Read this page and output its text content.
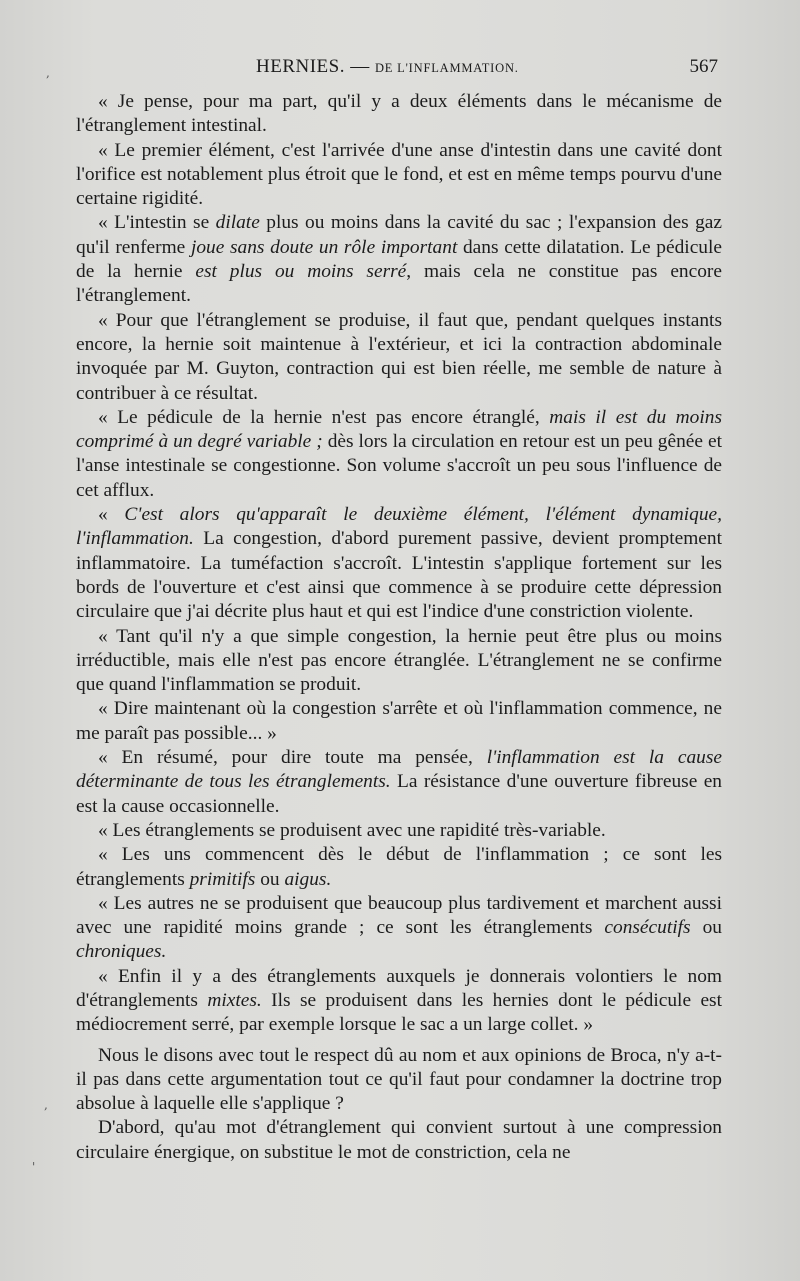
HERNIES. — DE L'INFLAMMATION.	567
,
,
'

« Je pense, pour ma part, qu'il y a deux éléments dans le mécanisme de l'étranglement intestinal.

« Le premier élément, c'est l'arrivée d'une anse d'intestin dans une cavité dont l'orifice est notablement plus étroit que le fond, et est en même temps pourvu d'une certaine rigidité.

« L'intestin se dilate plus ou moins dans la cavité du sac ; l'expansion des gaz qu'il renferme joue sans doute un rôle important dans cette dilatation. Le pédicule de la hernie est plus ou moins serré, mais cela ne constitue pas encore l'étranglement.

« Pour que l'étranglement se produise, il faut que, pendant quelques instants encore, la hernie soit maintenue à l'extérieur, et ici la contraction abdominale invoquée par M. Guyton, contraction qui est bien réelle, me semble de nature à contribuer à ce résultat.

« Le pédicule de la hernie n'est pas encore étranglé, mais il est du moins comprimé à un degré variable ; dès lors la circulation en retour est un peu gênée et l'anse intestinale se congestionne. Son volume s'accroît un peu sous l'influence de cet afflux.

« C'est alors qu'apparaît le deuxième élément, l'élément dynamique, l'inflammation. La congestion, d'abord purement passive, devient promptement inflammatoire. La tuméfaction s'accroît. L'intestin s'applique fortement sur les bords de l'ouverture et c'est ainsi que commence à se produire cette dépression circulaire que j'ai décrite plus haut et qui est l'indice d'une constriction violente.

« Tant qu'il n'y a que simple congestion, la hernie peut être plus ou moins irréductible, mais elle n'est pas encore étranglée. L'étranglement ne se confirme que quand l'inflammation se produit.

« Dire maintenant où la congestion s'arrête et où l'inflammation commence, ne me paraît pas possible... »

« En résumé, pour dire toute ma pensée, l'inflammation est la cause déterminante de tous les étranglements. La résistance d'une ouverture fibreuse en est la cause occasionnelle.

« Les étranglements se produisent avec une rapidité très-variable.

« Les uns commencent dès le début de l'inflammation ; ce sont les étranglements primitifs ou aigus.

« Les autres ne se produisent que beaucoup plus tardivement et marchent aussi avec une rapidité moins grande ; ce sont les étranglements consécutifs ou chroniques.

« Enfin il y a des étranglements auxquels je donnerais volontiers le nom d'étranglements mixtes. Ils se produisent dans les hernies dont le pédicule est médiocrement serré, par exemple lorsque le sac a un large collet. »

Nous le disons avec tout le respect dû au nom et aux opinions de Broca, n'y a-t-il pas dans cette argumentation tout ce qu'il faut pour condamner la doctrine trop absolue à laquelle elle s'applique ?

D'abord, qu'au mot d'étranglement qui convient surtout à une compression circulaire énergique, on substitue le mot de constriction, cela ne
